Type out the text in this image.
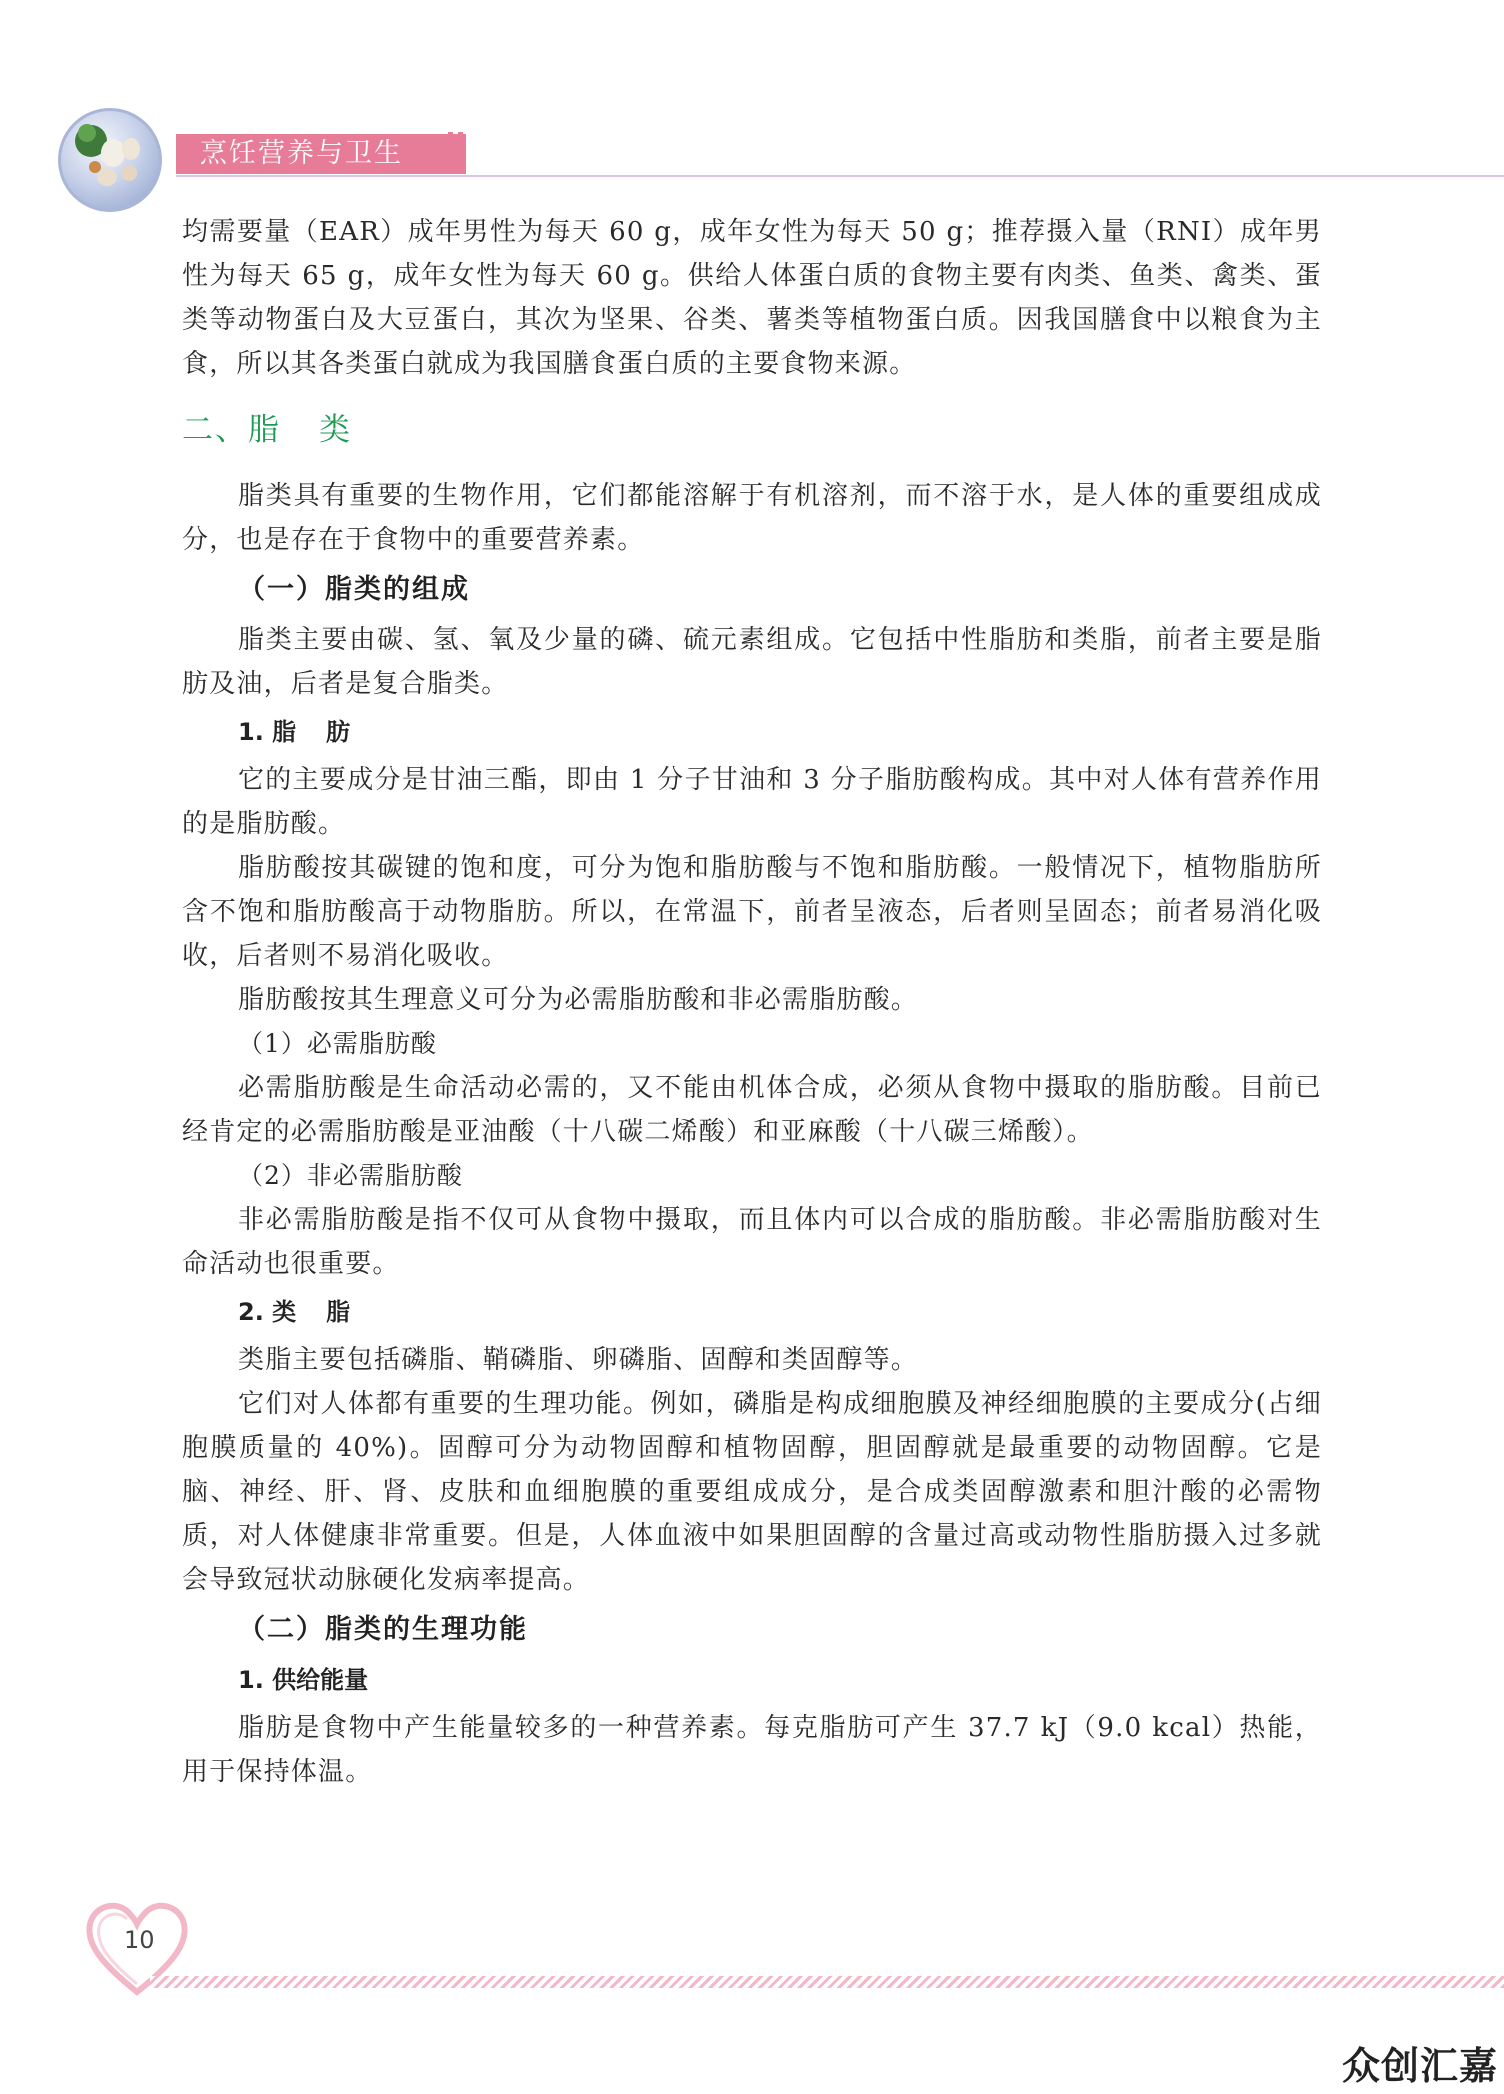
烹饪营养与卫生

均需要量（EAR）成年男性为每天 60 g，成年女性为每天 50 g；推荐摄入量（RNI）成年男性为每天 65 g，成年女性为每天 60 g。供给人体蛋白质的食物主要有肉类、鱼类、禽类、蛋类等动物蛋白及大豆蛋白，其次为坚果、谷类、薯类等植物蛋白质。因我国膳食中以粮食为主食，所以其各类蛋白就成为我国膳食蛋白质的主要食物来源。

二、脂 类

脂类具有重要的生物作用，它们都能溶解于有机溶剂，而不溶于水，是人体的重要组成成分，也是存在于食物中的重要营养素。

（一）脂类的组成

脂类主要由碳、氢、氧及少量的磷、硫元素组成。它包括中性脂肪和类脂，前者主要是脂肪及油，后者是复合脂类。

1. 脂 肪

它的主要成分是甘油三酯，即由 1 分子甘油和 3 分子脂肪酸构成。其中对人体有营养作用的是脂肪酸。

脂肪酸按其碳键的饱和度，可分为饱和脂肪酸与不饱和脂肪酸。一般情况下，植物脂肪所含不饱和脂肪酸高于动物脂肪。所以，在常温下，前者呈液态，后者则呈固态；前者易消化吸收，后者则不易消化吸收。

脂肪酸按其生理意义可分为必需脂肪酸和非必需脂肪酸。

（1）必需脂肪酸

必需脂肪酸是生命活动必需的，又不能由机体合成，必须从食物中摄取的脂肪酸。目前已经肯定的必需脂肪酸是亚油酸（十八碳二烯酸）和亚麻酸（十八碳三烯酸）。

（2）非必需脂肪酸

非必需脂肪酸是指不仅可从食物中摄取，而且体内可以合成的脂肪酸。非必需脂肪酸对生命活动也很重要。

2. 类 脂

类脂主要包括磷脂、鞘磷脂、卵磷脂、固醇和类固醇等。

它们对人体都有重要的生理功能。例如，磷脂是构成细胞膜及神经细胞膜的主要成分(占细胞膜质量的 40%)。固醇可分为动物固醇和植物固醇，胆固醇就是最重要的动物固醇。它是脑、神经、肝、肾、皮肤和血细胞膜的重要组成成分，是合成类固醇激素和胆汁酸的必需物质，对人体健康非常重要。但是，人体血液中如果胆固醇的含量过高或动物性脂肪摄入过多就会导致冠状动脉硬化发病率提高。

（二）脂类的生理功能
1. 供给能量

脂肪是食物中产生能量较多的一种营养素。每克脂肪可产生 37.7 kJ（9.0 kcal）热能，用于保持体温。

10
众创汇嘉
